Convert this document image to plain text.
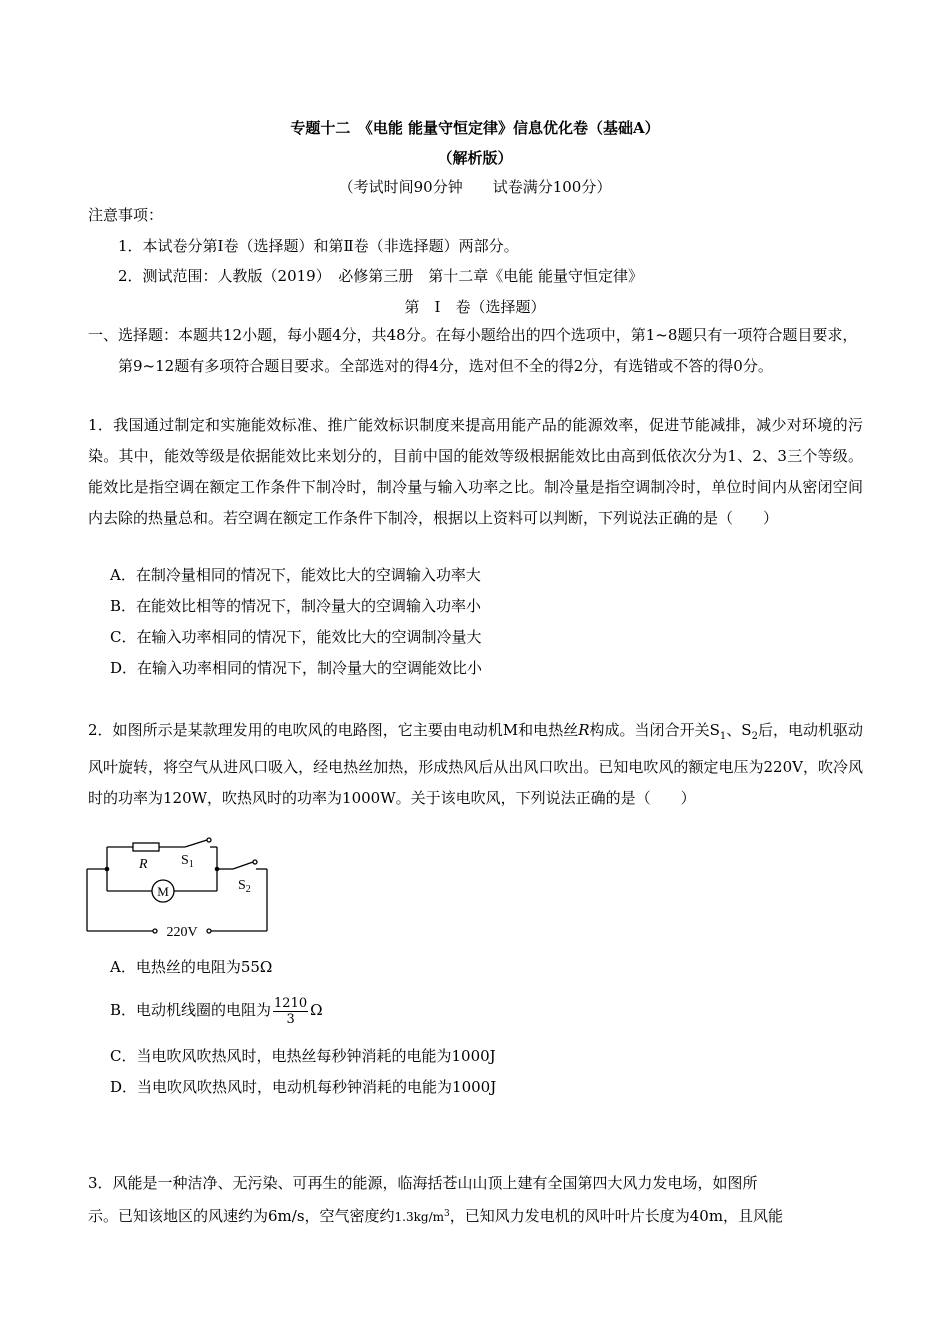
专题十二　《电能 能量守恒定律》信息优化卷（基础A）
（解析版）
（考试时间90分钟　　试卷满分100分）
注意事项：
1．本试卷分第Ⅰ卷（选择题）和第Ⅱ卷（非选择题）两部分。
2．测试范围：人教版（2019）　必修第三册　第十二章《电能 能量守恒定律》
第　Ⅰ　卷（选择题）
一、选择题：本题共12小题，每小题4分，共48分。在每小题给出的四个选项中，第1~8题只有一项符合题目要求，第9~12题有多项符合题目要求。全部选对的得4分，选对但不全的得2分，有选错或不答的得0分。
1．我国通过制定和实施能效标准、推广能效标识制度来提高用能产品的能源效率，促进节能减排，减少对环境的污染。其中，能效等级是依据能效比来划分的，目前中国的能效等级根据能效比由高到低依次分为1、2、3三个等级。能效比是指空调在额定工作条件下制冷时，制冷量与输入功率之比。制冷量是指空调制冷时，单位时间内从密闭空间内去除的热量总和。若空调在额定工作条件下制冷，根据以上资料可以判断，下列说法正确的是（　　）
A．在制冷量相同的情况下，能效比大的空调输入功率大
B．在能效比相等的情况下，制冷量大的空调输入功率小
C．在输入功率相同的情况下，能效比大的空调制冷量大
D．在输入功率相同的情况下，制冷量大的空调能效比小
2．如图所示是某款理发用的电吹风的电路图，它主要由电动机M和电热丝R构成。当闭合开关$S_1$、$S_2$后，电动机驱动风叶旋转，将空气从进风口吸入，经电热丝加热，形成热风后从出风口吹出。已知电吹风的额定电压为220V，吹冷风时的功率为120W，吹热风时的功率为1000W。关于该电吹风，下列说法正确的是（　　）
R $S_1$
$S_2$
M
220V
A．电热丝的电阻为55Ω
B．电动机线圈的电阻为 $\frac{1210}{3}$ Ω
C．当电吹风吹热风时，电热丝每秒钟消耗的电能为1000J
D．当电吹风吹热风时，电动机每秒钟消耗的电能为1000J
3．风能是一种洁净、无污染、可再生的能源，临海括苍山山顶上建有全国第四大风力发电场，如图所
示。已知该地区的风速约为6m/s，空气密度约$1.3kg/m^3$，已知风力发电机的风叶叶片长度为40m，且风能
